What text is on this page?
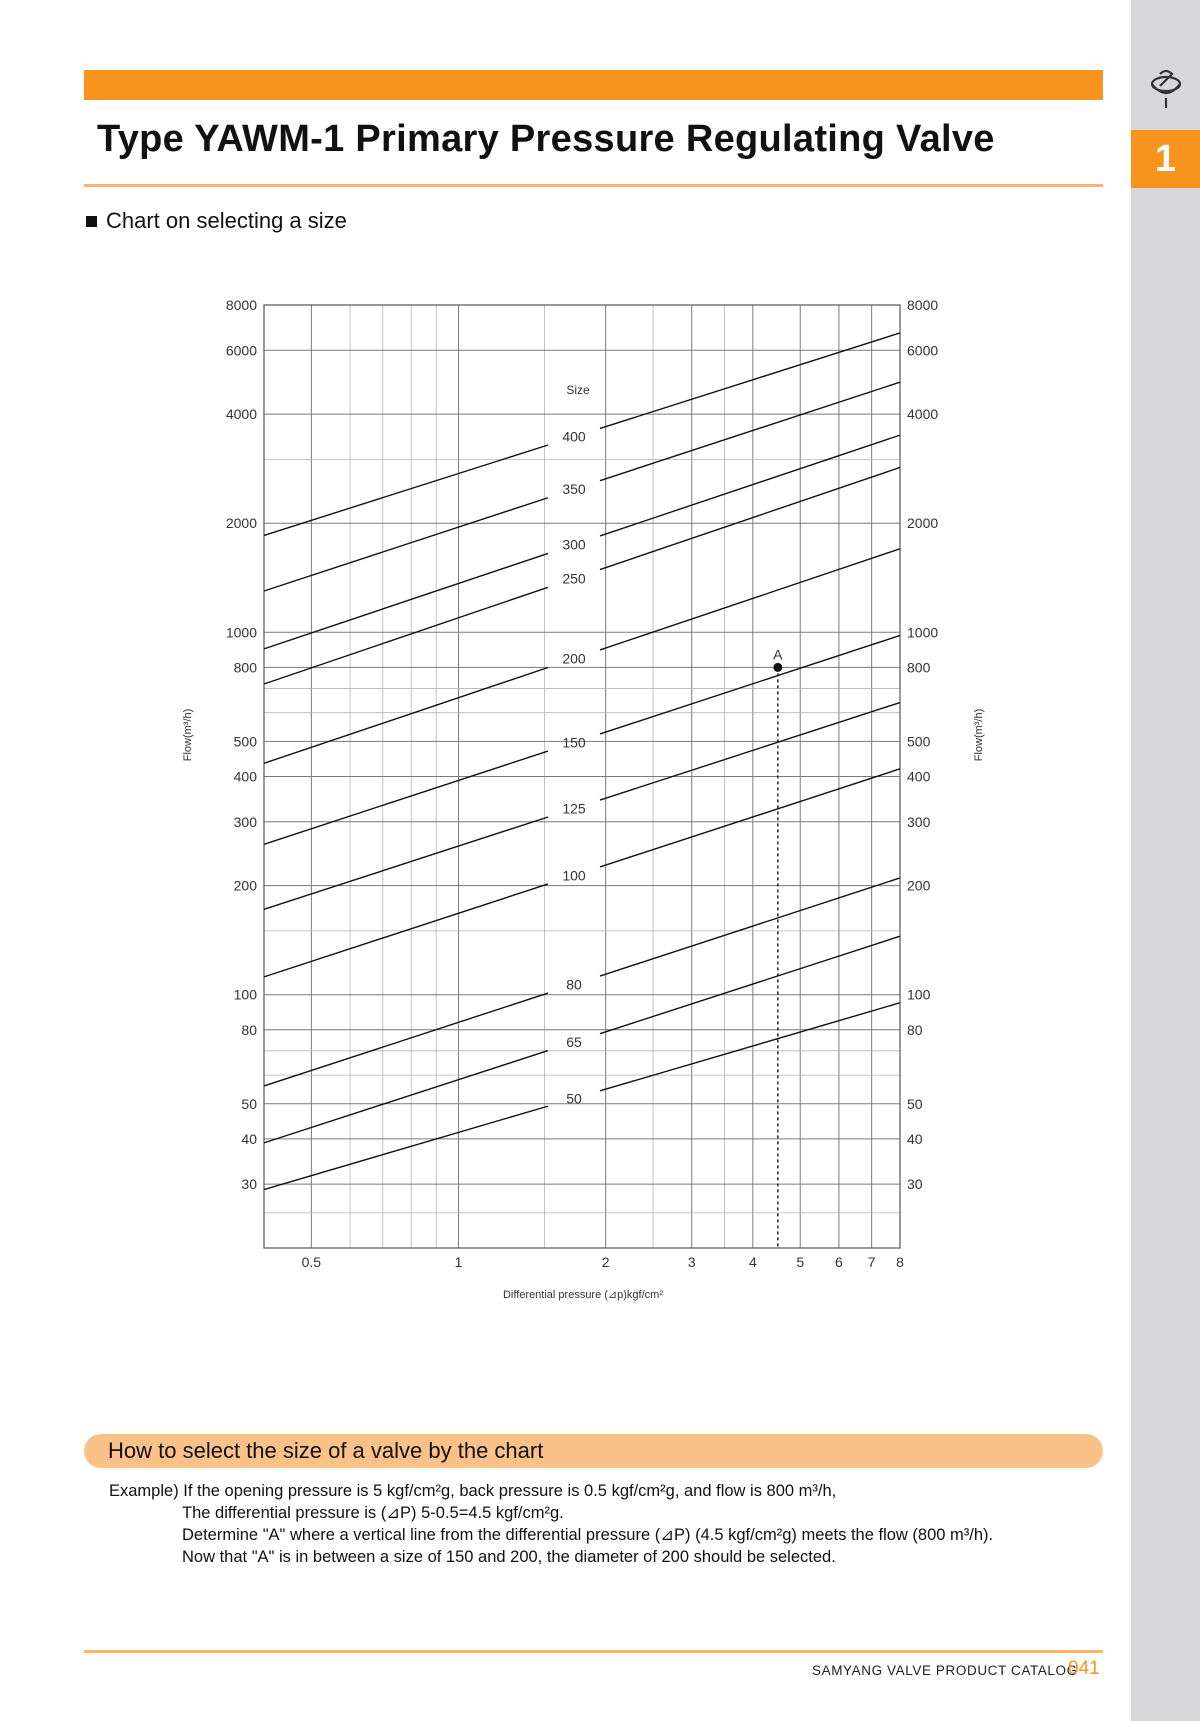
1
Type YAWM-1 Primary Pressure Regulating Valve
Chart on selecting a size
0.5	1	2	3	4	5 6 7 8
30	30
40	40
50	50
80	80
100	100
200	200
300	300
400	400
500	500
800	800
1000	1000
2000	2000
4000	4000
6000	6000
8000	8000
400
350
300
250
200
150
125
100
80
65
50
Size
A
Differential pressure (⊿p)kgf/cm²
Flow(m³/h)	Flow(m³/h)
How to select the size of a valve by the chart
Example) If the opening pressure is 5 kgf/cm²g, back pressure is 0.5 kgf/cm²g, and flow is 800 m³/h,
The differential pressure is (⊿P) 5-0.5=4.5 kgf/cm²g.
Determine "A" where a vertical line from the differential pressure (⊿P) (4.5 kgf/cm²g) meets the flow (800 m³/h).
Now that "A" is in between a size of 150 and 200, the diameter of 200 should be selected.
SAMYANG VALVE PRODUCT CATALOG
041
